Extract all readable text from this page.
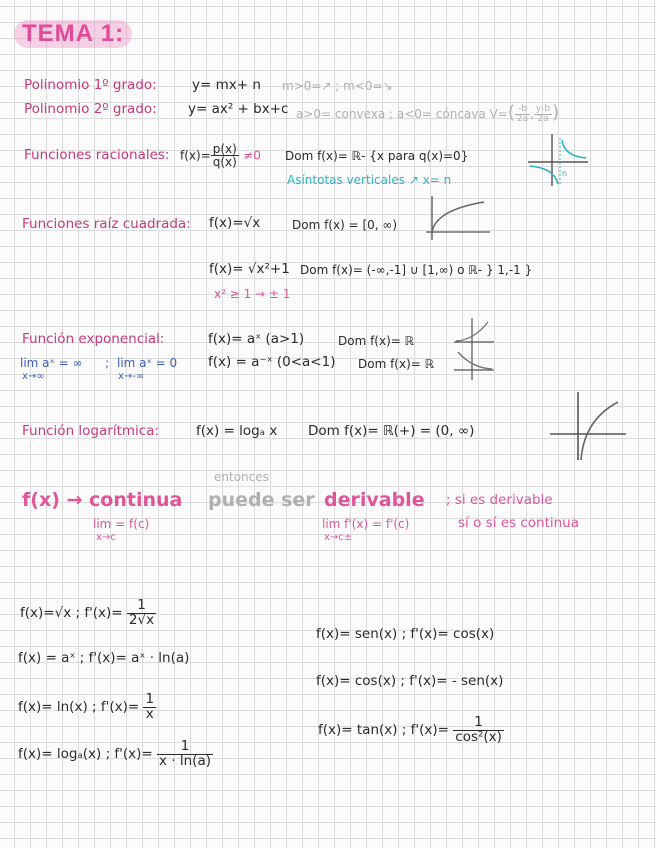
TEMA 1:
Polinomio 1º grado:	y= mx+ n m>0=↗ ; m<0=↘
Polinomio 2º grado: y= ax² + bx+c a>0= convexa ; a<0= cóncava $V=( \frac{-b}{2a}$ , $\frac{y-b}{2a}$ )
Funciones racionales: $f(x)= \frac{p(x)}{q(x)} \ne 0$ Dom f(x)= ℝ- {x para q(x)=0}
Asíntotas verticales ↗ x= n	n
Funciones raíz cuadrada: f(x)=√x	Dom f(x) = [0, ∞)
f(x)= √x²+1 Dom f(x)= (-∞,-1] ∪ [1,∞) o ℝ- } 1,-1 }
x² ≥ 1 → ± 1
Función exponencial:	f(x)= aˣ (a>1)	Dom f(x)= ℝ
f(x) = a⁻ˣ (0<a<1) Dom f(x)= ℝ
lim aˣ = ∞
x→∞
; lim aˣ = 0
x→-∞
Función logarítmica:	f(x) = logₐ x Dom f(x)= ℝ(+) = (0, ∞)
entonces
f(x) → continua puede ser derivable ; si es derivable
lim = f(c)
x→c
lim f'(x) = f'(c)
x→c±
sí o sí es continua
f(x)=√x ; $f'(x)= \frac{1}{2√x}$
f(x) = aˣ ; f'(x)= aˣ · ln(a)
f(x)= ln(x) ; $f'(x)= \frac{1}{x}$
f(x)= logₐ(x) ; $f'(x)= \frac{1}{x \cdot \ln(a)}$
f(x)= sen(x) ; f'(x)= cos(x)
f(x)= cos(x) ; f'(x)= - sen(x)
f(x)= tan(x) ; $f'(x)= \frac{1}{\text{cos²(x)}}$
